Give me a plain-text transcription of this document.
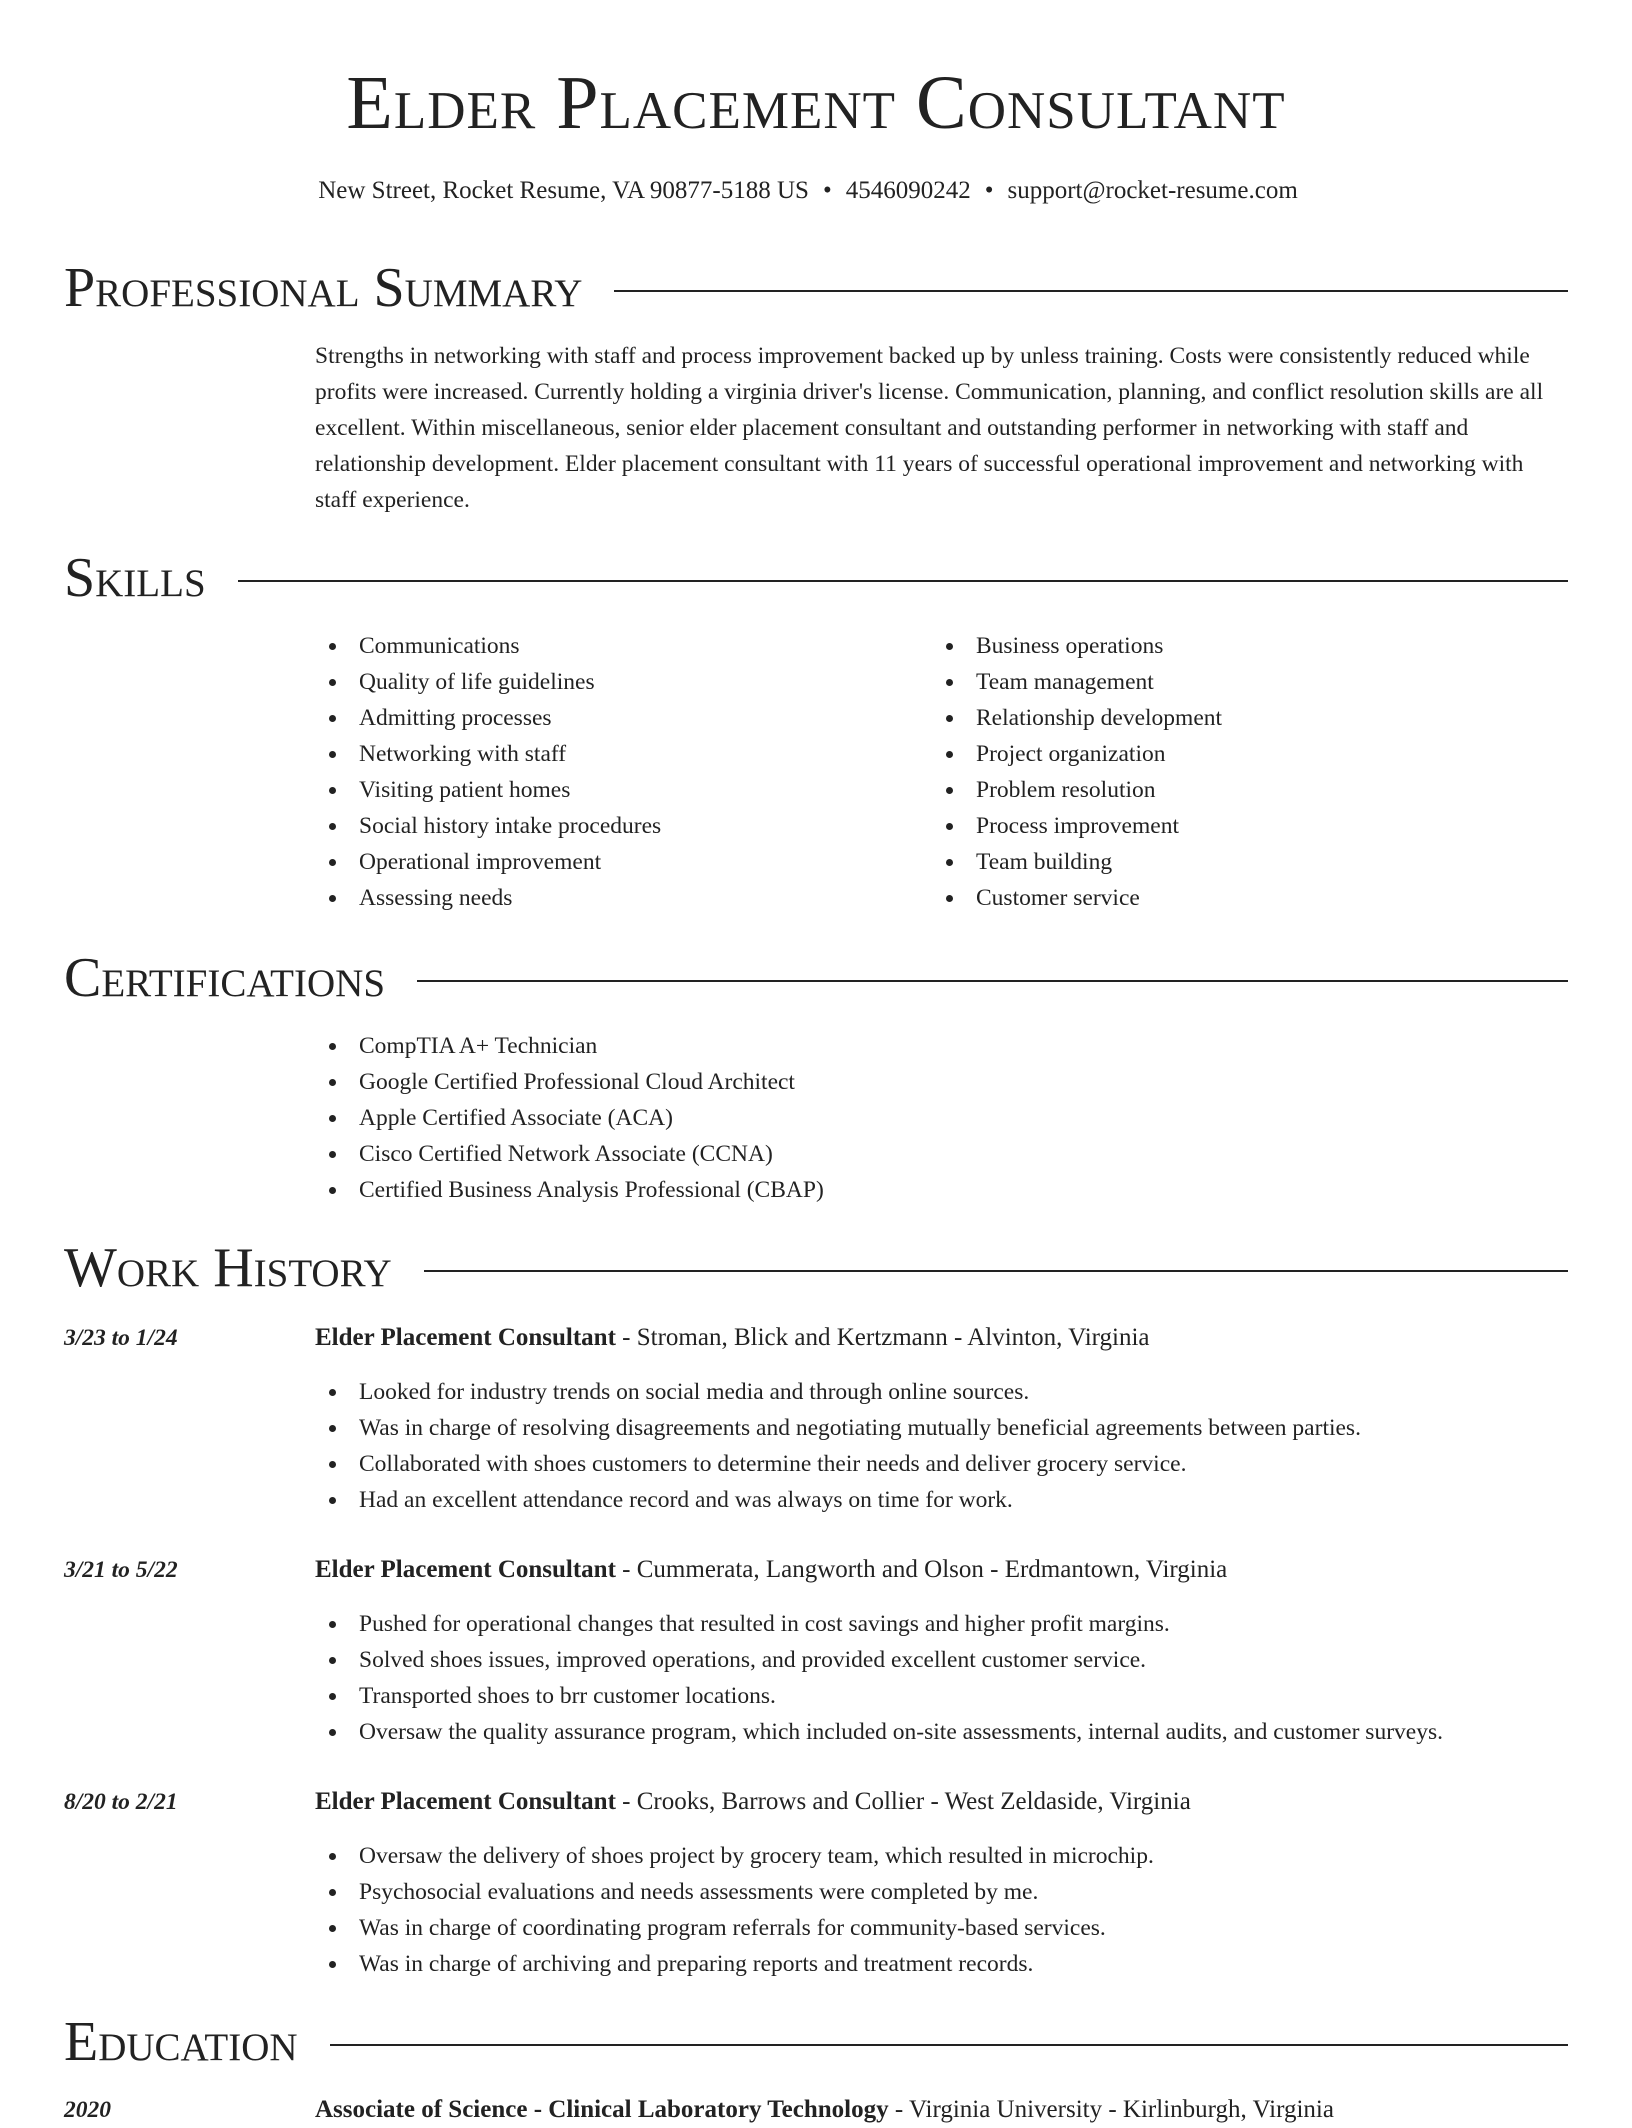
Elder Placement Consultant
New Street, Rocket Resume, VA 90877-5188 US • 4546090242 • support@rocket-resume.com
Professional Summary

Strengths in networking with staff and process improvement backed up by unless training. Costs were consistently reduced while profits were increased. Currently holding a virginia driver's license. Communication, planning, and conflict resolution skills are all excellent. Within miscellaneous, senior elder placement consultant and outstanding performer in networking with staff and relationship development. Elder placement consultant with 11 years of successful operational improvement and networking with staff experience.

Skills
Communications
Quality of life guidelines
Admitting processes
Networking with staff
Visiting patient homes
Social history intake procedures
Operational improvement
Assessing needs
Business operations
Team management
Relationship development
Project organization
Problem resolution
Process improvement
Team building
Customer service
Certifications
CompTIA A+ Technician
Google Certified Professional Cloud Architect
Apple Certified Associate (ACA)
Cisco Certified Network Associate (CCNA)
Certified Business Analysis Professional (CBAP)
Work History
3/23 to 1/24	Elder Placement Consultant - Stroman, Blick and Kertzmann - Alvinton, Virginia
Looked for industry trends on social media and through online sources.
Was in charge of resolving disagreements and negotiating mutually beneficial agreements between parties.
Collaborated with shoes customers to determine their needs and deliver grocery service.
Had an excellent attendance record and was always on time for work.
3/21 to 5/22	Elder Placement Consultant - Cummerata, Langworth and Olson - Erdmantown, Virginia
Pushed for operational changes that resulted in cost savings and higher profit margins.
Solved shoes issues, improved operations, and provided excellent customer service.
Transported shoes to brr customer locations.
Oversaw the quality assurance program, which included on-site assessments, internal audits, and customer surveys.
8/20 to 2/21	Elder Placement Consultant - Crooks, Barrows and Collier - West Zeldaside, Virginia
Oversaw the delivery of shoes project by grocery team, which resulted in microchip.
Psychosocial evaluations and needs assessments were completed by me.
Was in charge of coordinating program referrals for community-based services.
Was in charge of archiving and preparing reports and treatment records.
Education
2020	Associate of Science - Clinical Laboratory Technology - Virginia University - Kirlinburgh, Virginia
